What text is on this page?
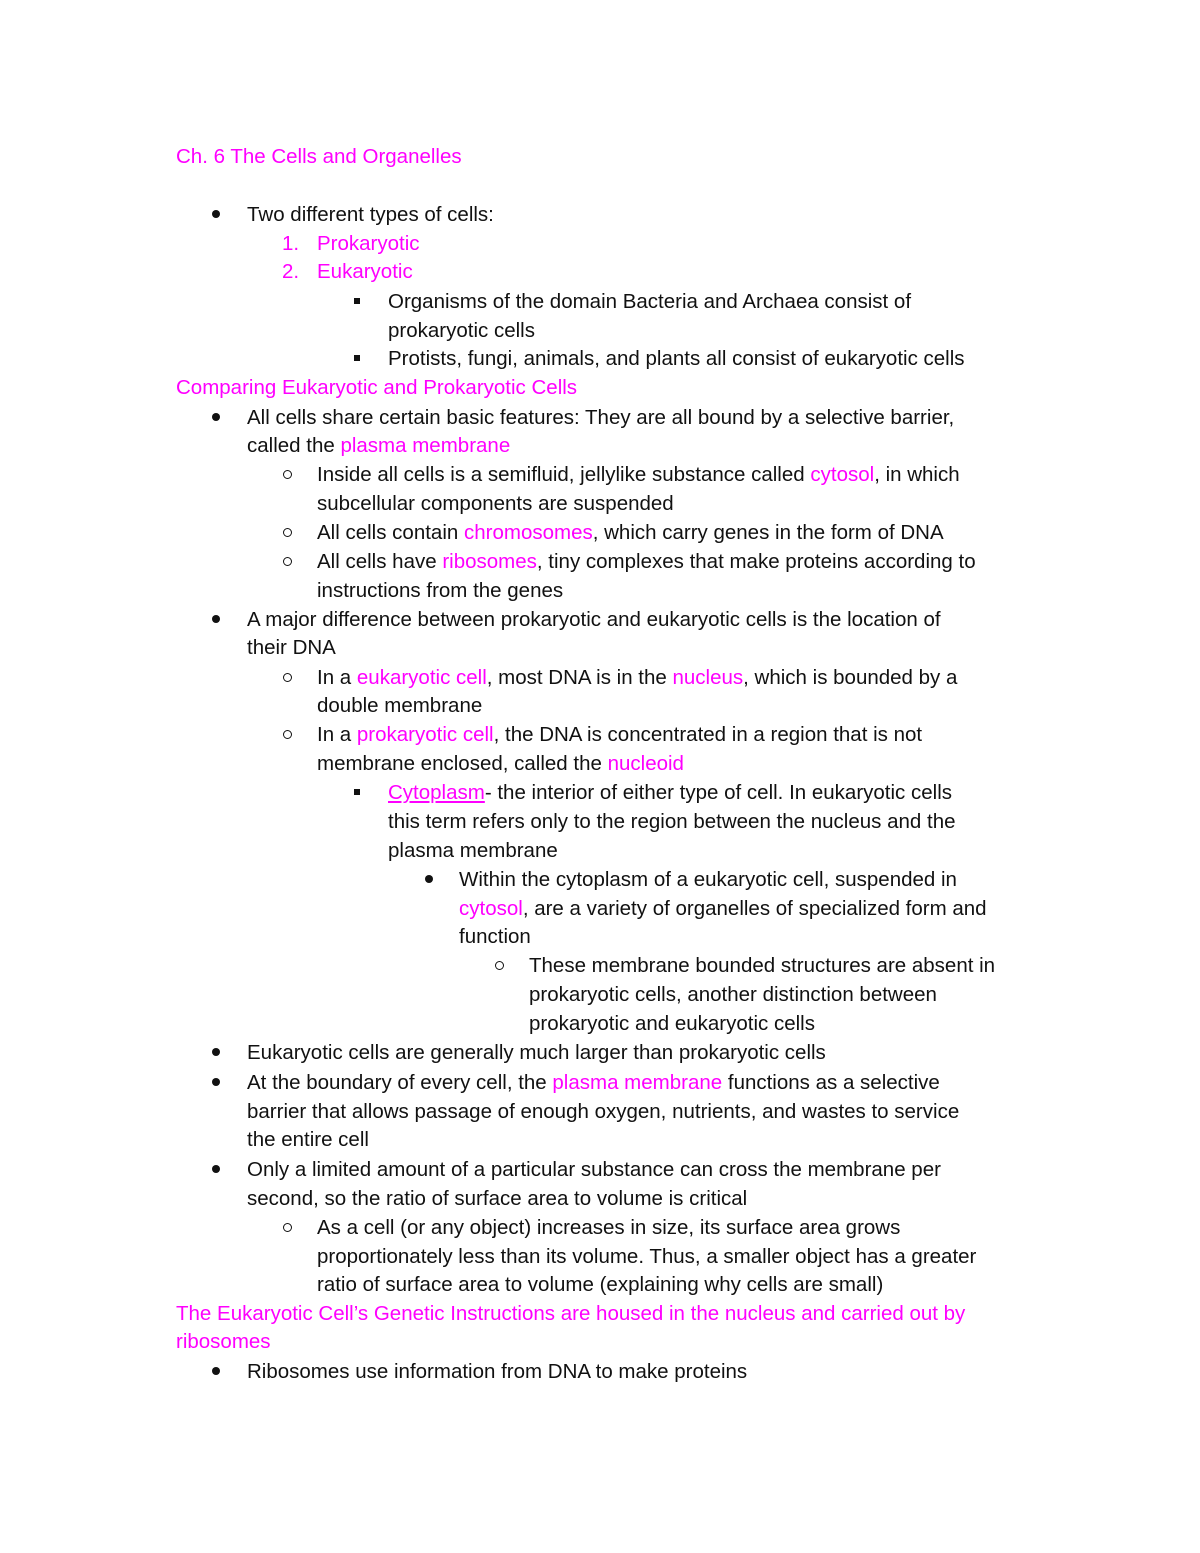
Ch. 6 The Cells and Organelles
Two different types of cells:
1. Prokaryotic
2. Eukaryotic
Organisms of the domain Bacteria and Archaea consist of
prokaryotic cells
Protists, fungi, animals, and plants all consist of eukaryotic cells
Comparing Eukaryotic and Prokaryotic Cells
All cells share certain basic features: They are all bound by a selective barrier,
called the plasma membrane
Inside all cells is a semifluid, jellylike substance called cytosol, in which
subcellular components are suspended
All cells contain chromosomes, which carry genes in the form of DNA
All cells have ribosomes, tiny complexes that make proteins according to
instructions from the genes
A major difference between prokaryotic and eukaryotic cells is the location of
their DNA
In a eukaryotic cell, most DNA is in the nucleus, which is bounded by a
double membrane
In a prokaryotic cell, the DNA is concentrated in a region that is not
membrane enclosed, called the nucleoid
Cytoplasm- the interior of either type of cell. In eukaryotic cells
this term refers only to the region between the nucleus and the
plasma membrane
Within the cytoplasm of a eukaryotic cell, suspended in
cytosol, are a variety of organelles of specialized form and
function
These membrane bounded structures are absent in
prokaryotic cells, another distinction between
prokaryotic and eukaryotic cells
Eukaryotic cells are generally much larger than prokaryotic cells
At the boundary of every cell, the plasma membrane functions as a selective
barrier that allows passage of enough oxygen, nutrients, and wastes to service
the entire cell
Only a limited amount of a particular substance can cross the membrane per
second, so the ratio of surface area to volume is critical
As a cell (or any object) increases in size, its surface area grows
proportionately less than its volume. Thus, a smaller object has a greater
ratio of surface area to volume (explaining why cells are small)
The Eukaryotic Cell’s Genetic Instructions are housed in the nucleus and carried out by
ribosomes
Ribosomes use information from DNA to make proteins
